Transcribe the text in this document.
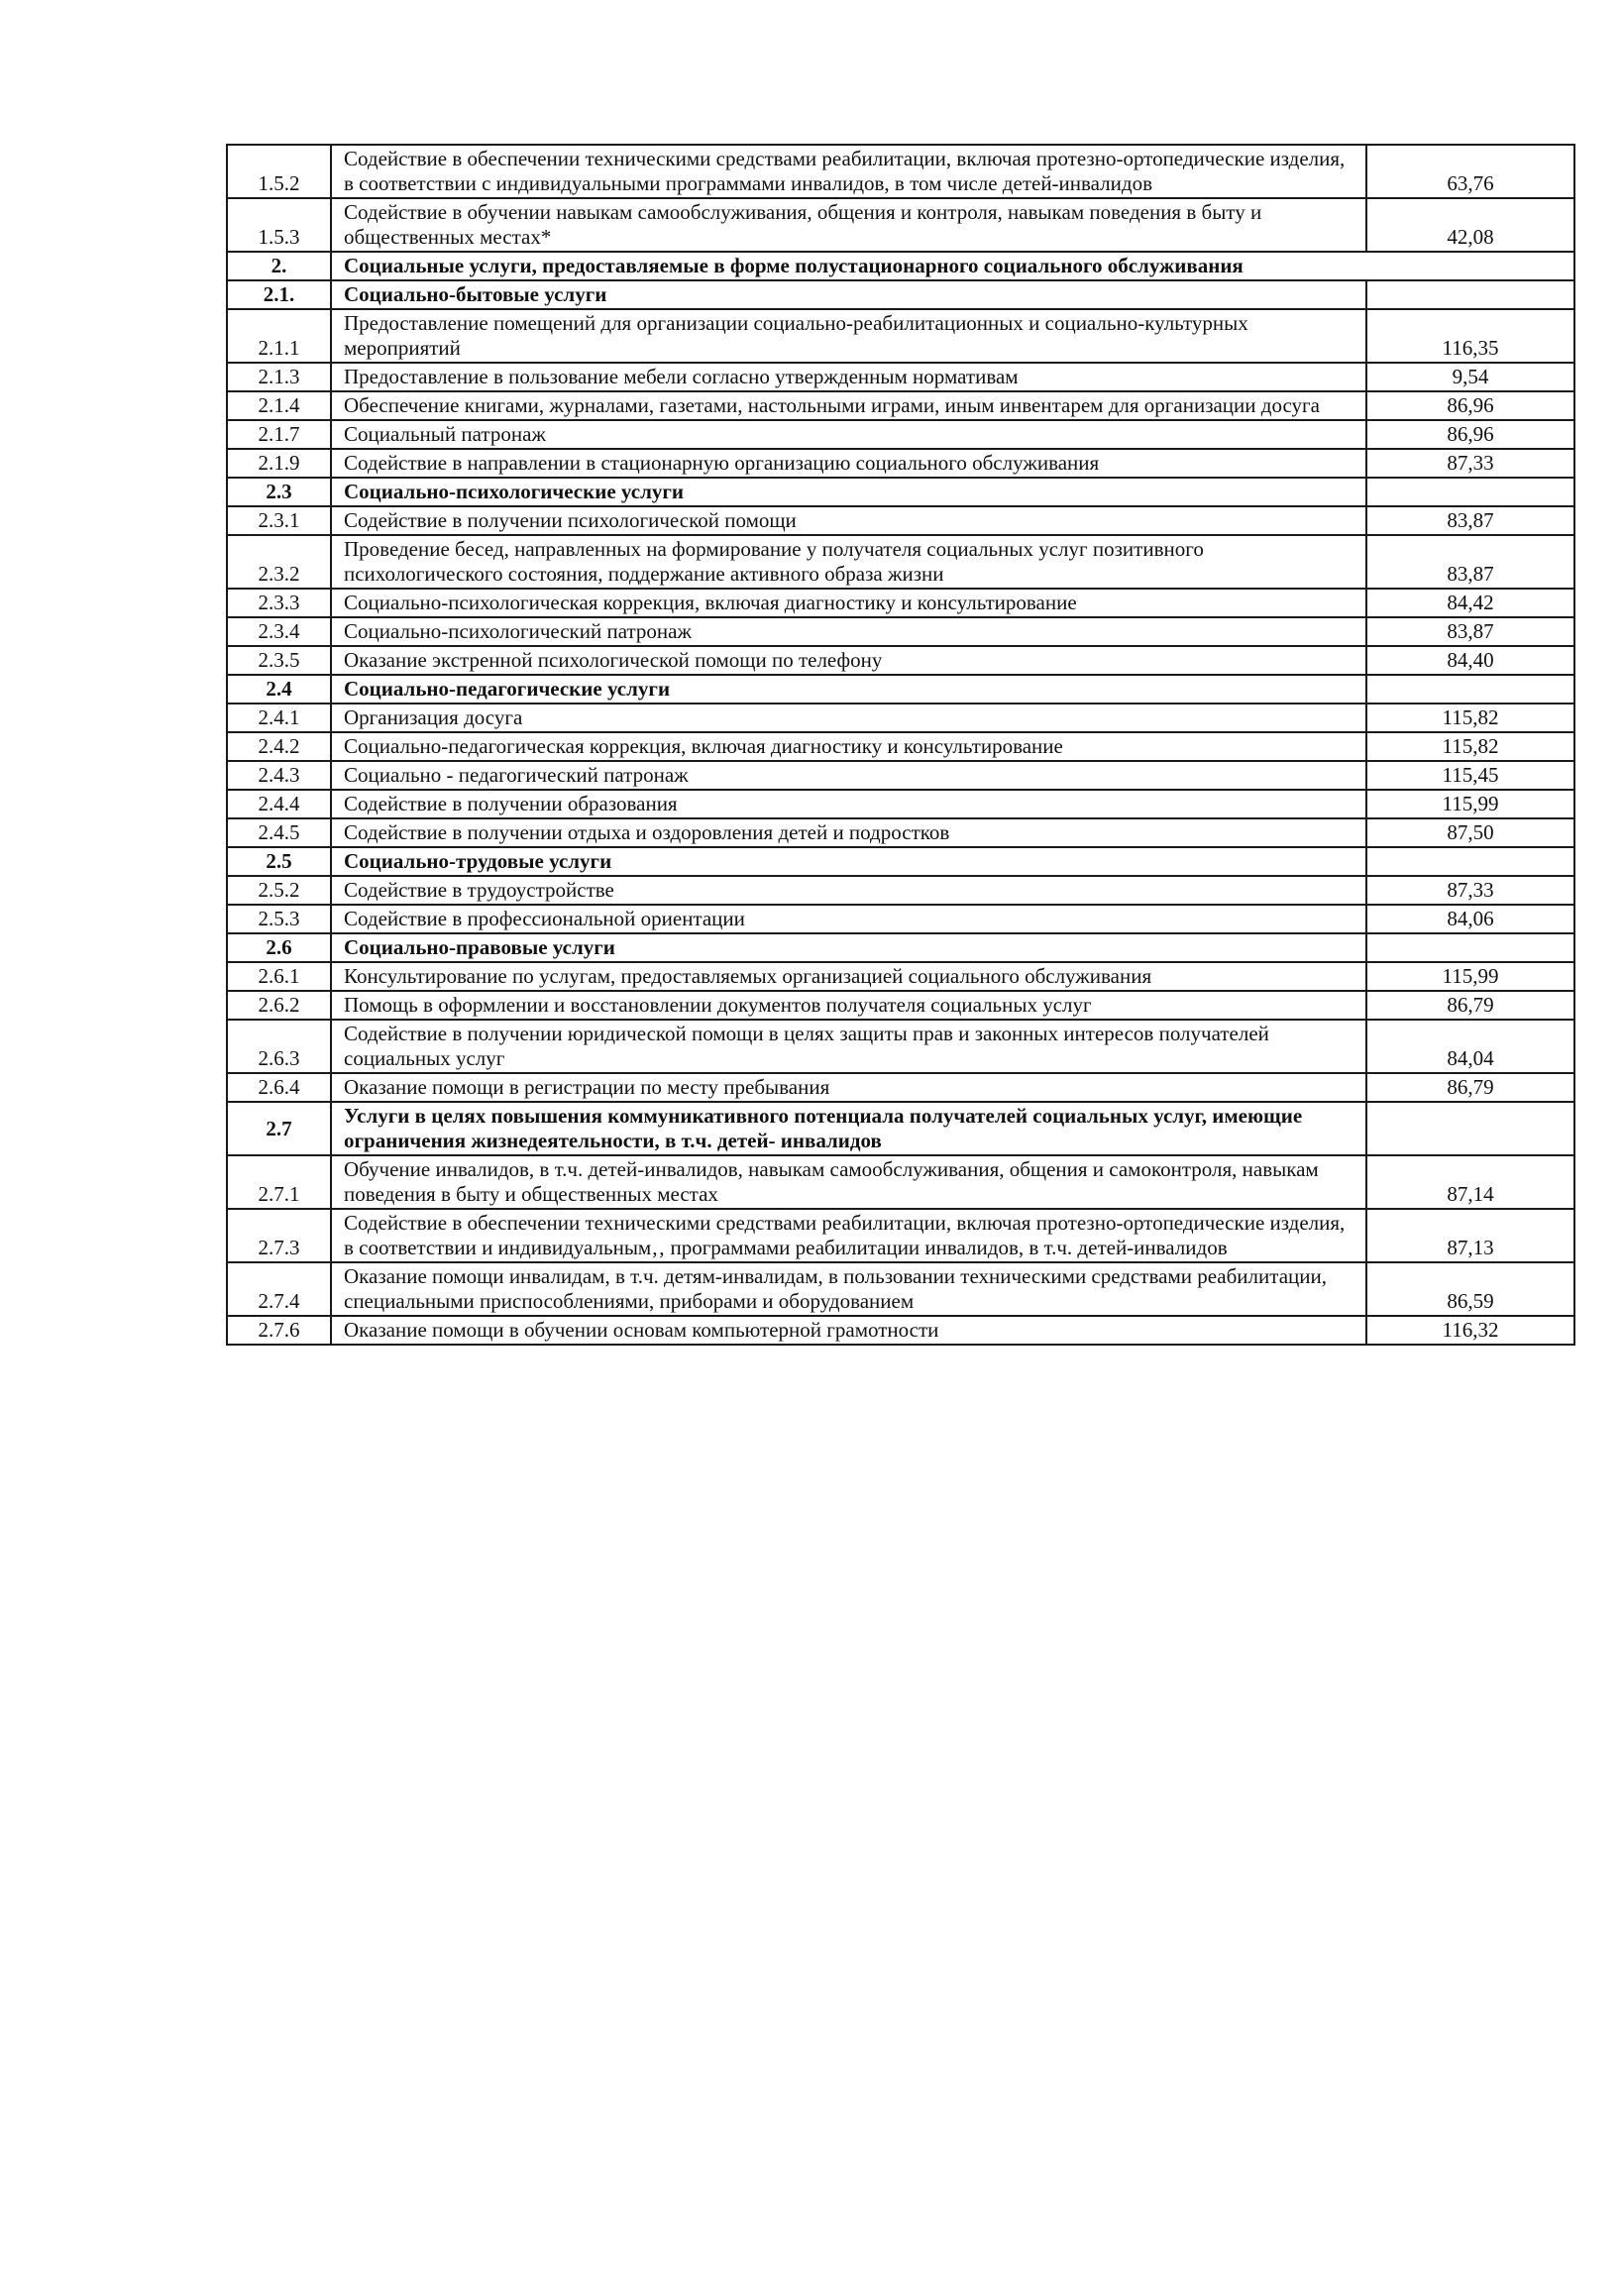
1.5.2	Содействие в обеспечении техническими средствами реабилитации, включая протезно-ортопедические изделия, в соответствии с индивидуальными программами инвалидов, в том числе детей-инвалидов	63,76
1.5.3	Содействие в обучении навыкам самообслуживания, общения и контроля, навыкам поведения в быту и общественных местах*	42,08
2.	Социальные услуги, предоставляемые в форме полустационарного социального обслуживания	
2.1.	Социально-бытовые услуги	
2.1.1	Предоставление помещений для организации социально-реабилитационных и социально-культурных мероприятий	116,35
2.1.3	Предоставление в пользование мебели согласно утвержденным нормативам	9,54
2.1.4	Обеспечение книгами, журналами, газетами, настольными играми, иным инвентарем для организации досуга	86,96
2.1.7	Социальный патронаж	86,96
2.1.9	Содействие в направлении в стационарную организацию социального обслуживания	87,33
2.3	Социально-психологические услуги	
2.3.1	Содействие в получении психологической помощи	83,87
2.3.2	Проведение бесед, направленных на формирование у получателя социальных услуг позитивного психологического состояния, поддержание активного образа жизни	83,87
2.3.3	Социально-психологическая коррекция, включая диагностику и консультирование	84,42
2.3.4	Социально-психологический патронаж	83,87
2.3.5	Оказание экстренной психологической помощи по телефону	84,40
2.4	Социально-педагогические услуги	
2.4.1	Организация досуга	115,82
2.4.2	Социально-педагогическая коррекция, включая диагностику и консультирование	115,82
2.4.3	Социально - педагогический патронаж	115,45
2.4.4	Содействие в получении образования	115,99
2.4.5	Содействие в получении отдыха и оздоровления детей и подростков	87,50
2.5	Социально-трудовые услуги	
2.5.2	Содействие в трудоустройстве	87,33
2.5.3	Содействие в профессиональной ориентации	84,06
2.6	Социально-правовые услуги	
2.6.1	Консультирование по услугам, предоставляемых организацией социального обслуживания	115,99
2.6.2	Помощь в оформлении и восстановлении документов получателя социальных услуг	86,79
2.6.3	Содействие в получении юридической помощи в целях защиты прав и законных интересов получателей социальных услуг	84,04
2.6.4	Оказание помощи в регистрации по месту пребывания	86,79
2.7	Услуги в целях повышения коммуникативного потенциала получателей социальных услуг, имеющие ограничения жизнедеятельности, в т.ч. детей- инвалидов	
2.7.1	Обучение инвалидов, в т.ч. детей-инвалидов, навыкам самообслуживания, общения и самоконтроля, навыкам поведения в быту и общественных местах	87,14
2.7.3	Содействие в обеспечении техническими средствами реабилитации, включая протезно-ортопедические изделия, в соответствии и индивидуальным‚‚ программами реабилитации инвалидов, в т.ч. детей-инвалидов	87,13
2.7.4	Оказание помощи инвалидам, в т.ч. детям-инвалидам, в пользовании техническими средствами реабилитации, специальными приспособлениями, приборами и оборудованием	86,59
2.7.6	Оказание помощи в обучении основам компьютерной грамотности	116,32
